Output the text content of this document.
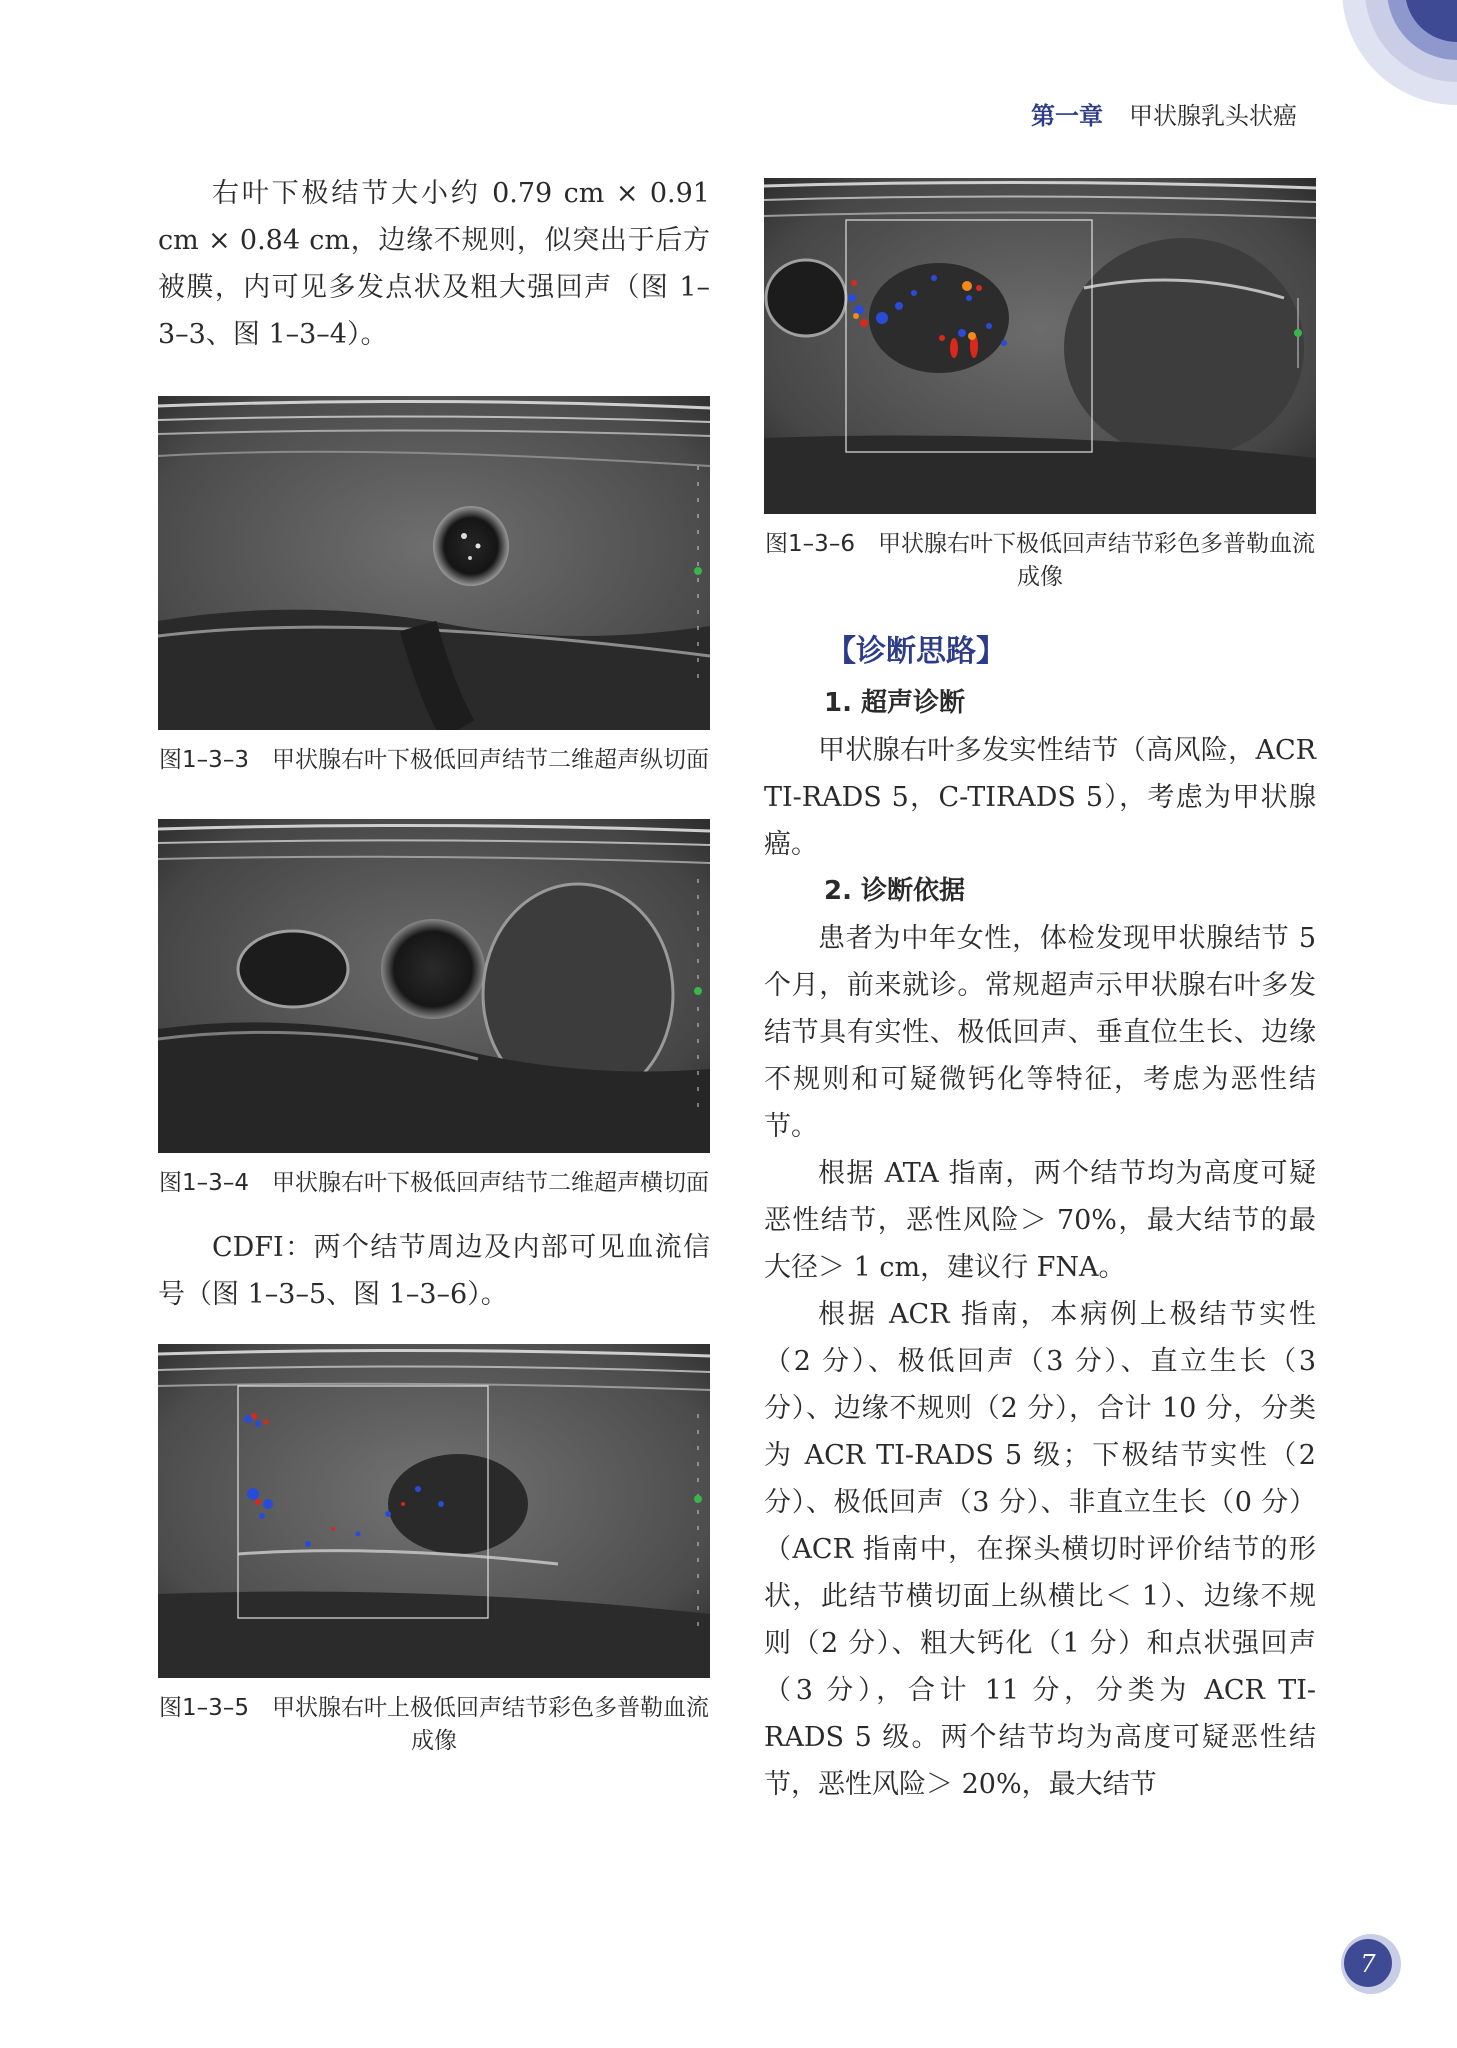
第一章 甲状腺乳头状癌

右叶下极结节大小约 0.79 cm × 0.91 cm × 0.84 cm，边缘不规则，似突出于后方被膜，内可见多发点状及粗大强回声（图 1–3–3、图 1–3–4）。

图1–3–3　甲状腺右叶下极低回声结节二维超声纵切面

图1–3–4　甲状腺右叶下极低回声结节二维超声横切面

CDFI：两个结节周边及内部可见血流信号（图 1–3–5、图 1–3–6）。

图1–3–5　甲状腺右叶上极低回声结节彩色多普勒血流成像

图1–3–6　甲状腺右叶下极低回声结节彩色多普勒血流成像

【诊断思路】

1. 超声诊断

甲状腺右叶多发实性结节（高风险，ACR TI-RADS 5，C-TIRADS 5），考虑为甲状腺癌。

2. 诊断依据

患者为中年女性，体检发现甲状腺结节 5 个月，前来就诊。常规超声示甲状腺右叶多发结节具有实性、极低回声、垂直位生长、边缘不规则和可疑微钙化等特征，考虑为恶性结节。

根据 ATA 指南，两个结节均为高度可疑恶性结节，恶性风险＞ 70%，最大结节的最大径＞ 1 cm，建议行 FNA。

根据 ACR 指南，本病例上极结节实性（2 分）、极低回声（3 分）、直立生长（3 分）、边缘不规则（2 分），合计 10 分，分类为 ACR TI-RADS 5 级；下极结节实性（2 分）、极低回声（3 分）、非直立生长（0 分）（ACR 指南中，在探头横切时评价结节的形状，此结节横切面上纵横比＜ 1）、边缘不规则（2 分）、粗大钙化（1 分）和点状强回声（3 分），合计 11 分，分类为 ACR TI-RADS 5 级。两个结节均为高度可疑恶性结节，恶性风险＞ 20%，最大结节

7
